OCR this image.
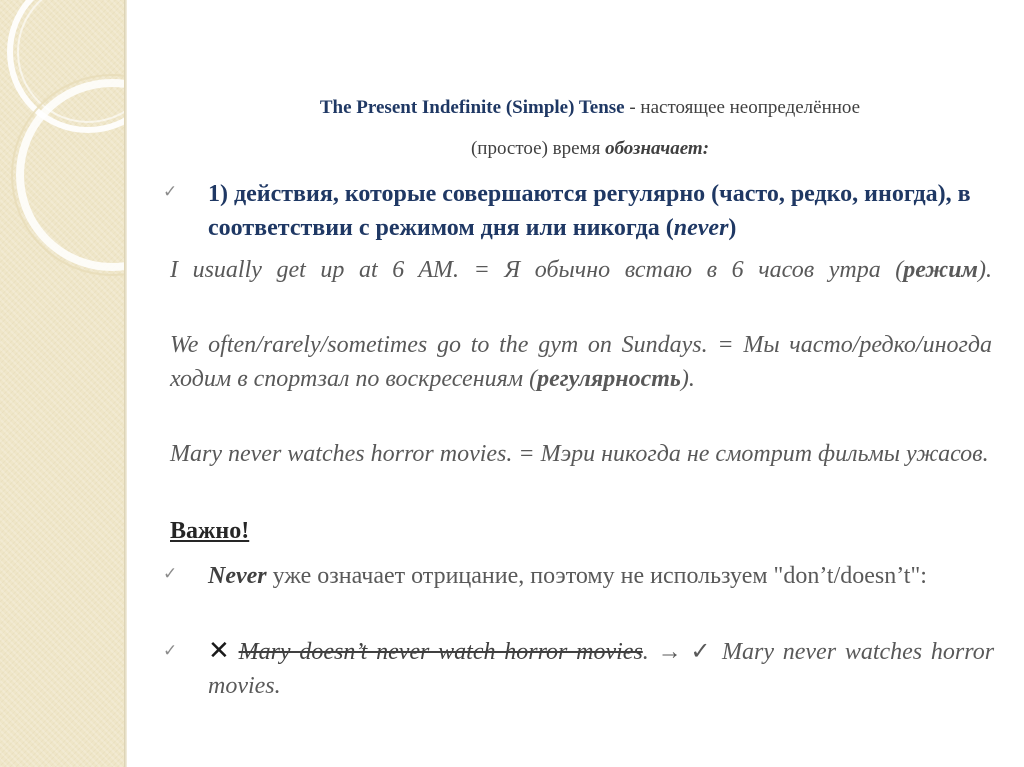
The Present Indefinite (Simple) Tense - настоящее неопределённое
(простое) время обозначает:
✓	1) действия, которые совершаются регулярно (часто, редко, иногда), в соответствии с режимом дня или никогда (never)
I usually get up at 6 AM. = Я обычно встаю в 6 часов утра (режим).
We often/rarely/sometimes go to the gym on Sundays. = Мы часто/редко/иногда ходим в спортзал по воскресениям (регулярность).
Mary never watches horror movies. = Мэри никогда не смотрит фильмы ужасов.
Важно!
✓	Never уже означает отрицание, поэтому не используем "don’t/doesn’t":
✓ ✕ Mary doesn’t never watch horror movies. → ✓ Mary never watches horror movies.
